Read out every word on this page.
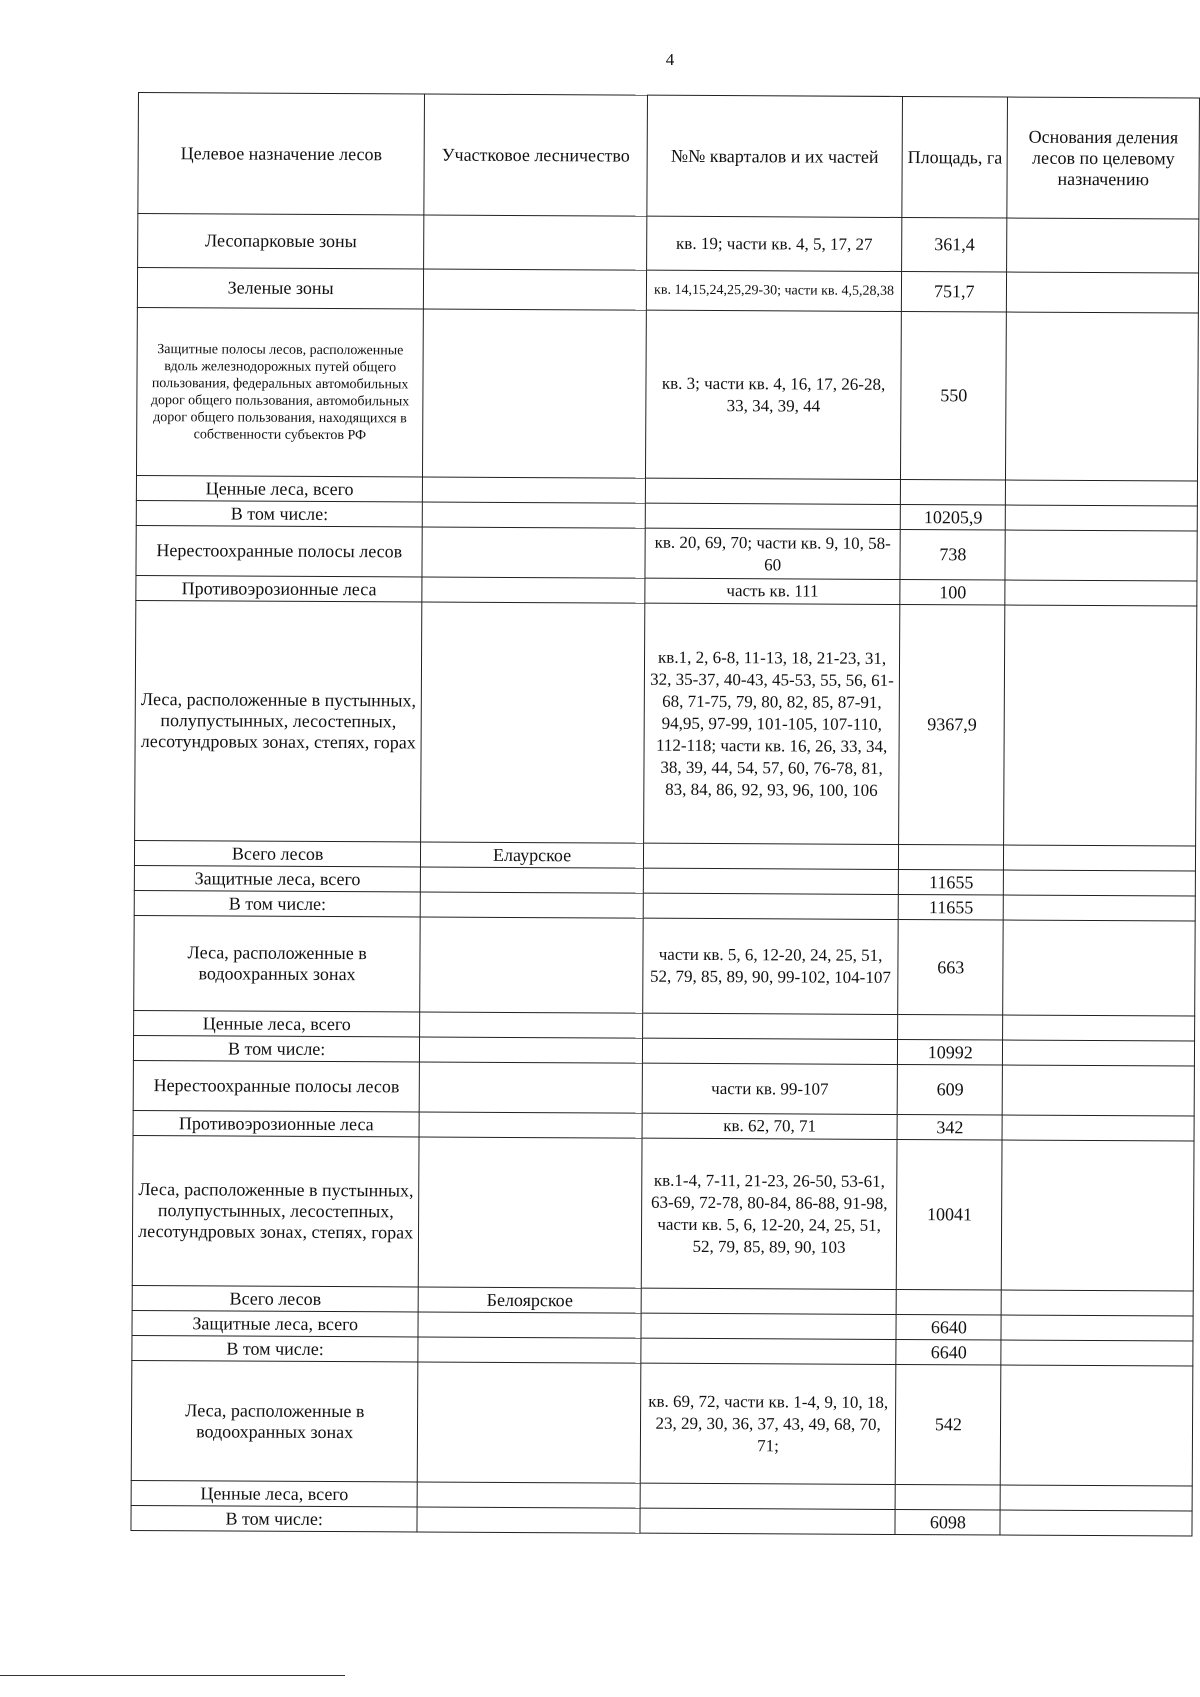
4
Целевое назначение лесов	Участковое лесничество	№№ кварталов и их частей	Площадь, га	Основания деления лесов по целевому назначению
Лесопарковые зоны		кв. 19; части кв. 4, 5, 17, 27	361,4	
Зеленые зоны		кв. 14,15,24,25,29-30; части кв. 4,5,28,38	751,7	
Защитные полосы лесов, расположенные вдоль железнодорожных путей общего пользования, федеральных автомобильных дорог общего пользования, автомобильных дорог общего пользования, находящихся в собственности субъектов РФ		кв. 3; части кв. 4, 16, 17, 26-28, 33, 34, 39, 44	550	
Ценные леса, всего				
В том числе:			10205,9	
Нерестоохранные полосы лесов		кв. 20, 69, 70; части кв. 9, 10, 58-60	738	
Противоэрозионные леса		часть кв. 111	100	
Леса, расположенные в пустынных, полупустынных, лесостепных, лесотундровых зонах, степях, горах		кв.1, 2, 6-8, 11-13, 18, 21-23, 31, 32, 35-37, 40-43, 45-53, 55, 56, 61-68, 71-75, 79, 80, 82, 85, 87-91, 94,95, 97-99, 101-105, 107-110, 112-118; части кв. 16, 26, 33, 34, 38, 39, 44, 54, 57, 60, 76-78, 81, 83, 84, 86, 92, 93, 96, 100, 106	9367,9	
Всего лесов	Елаурское			
Защитные леса, всего			11655	
В том числе:			11655	
Леса, расположенные в водоохранных зонах		части кв. 5, 6, 12-20, 24, 25, 51, 52, 79, 85, 89, 90, 99-102, 104-107	663	
Ценные леса, всего				
В том числе:			10992	
Нерестоохранные полосы лесов		части кв. 99-107	609	
Противоэрозионные леса		кв. 62, 70, 71	342	
Леса, расположенные в пустынных, полупустынных, лесостепных, лесотундровых зонах, степях, горах		кв.1-4, 7-11, 21-23, 26-50, 53-61, 63-69, 72-78, 80-84, 86-88, 91-98, части кв. 5, 6, 12-20, 24, 25, 51, 52, 79, 85, 89, 90, 103	10041	
Всего лесов	Белоярское			
Защитные леса, всего			6640	
В том числе:			6640	
Леса, расположенные в водоохранных зонах		кв. 69, 72, части кв. 1-4, 9, 10, 18, 23, 29, 30, 36, 37, 43, 49, 68, 70, 71;	542	
Ценные леса, всего				
В том числе:			6098	
